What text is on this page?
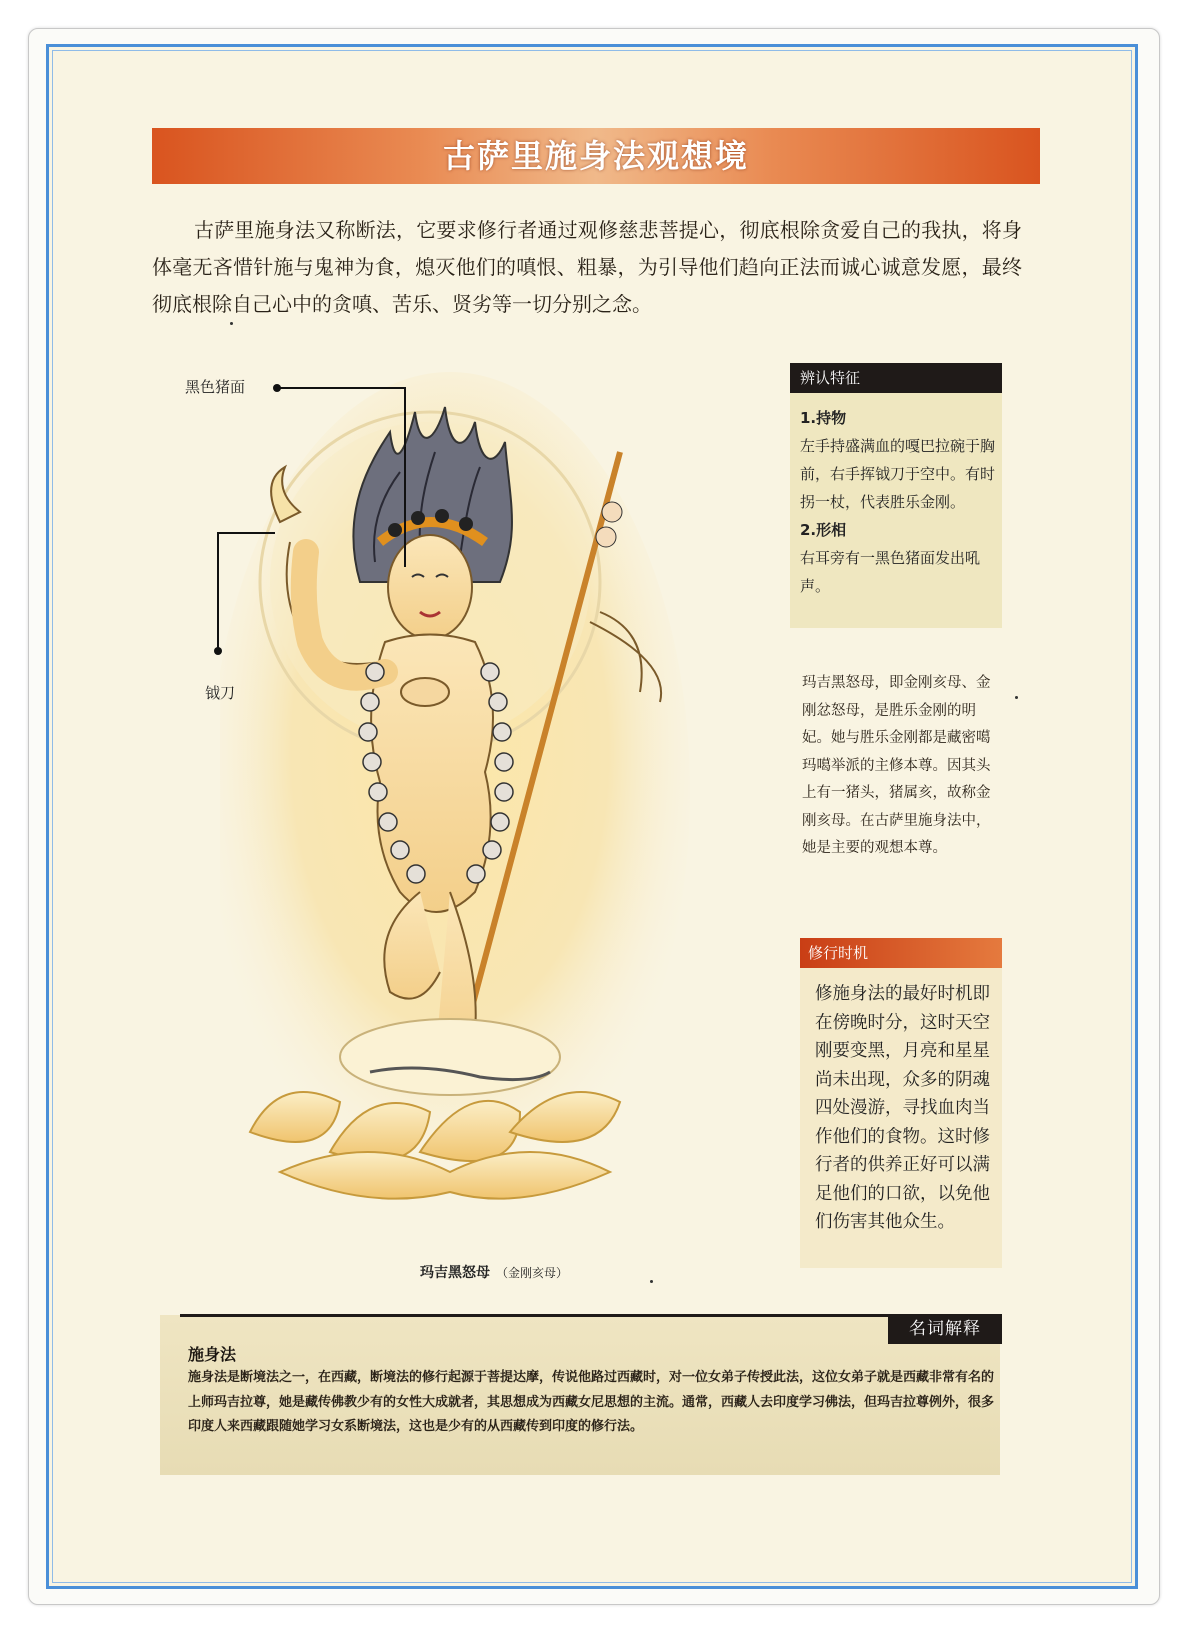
古萨里施身法观想境

古萨里施身法又称断法，它要求修行者通过观修慈悲菩提心，彻底根除贪爱自己的我执，将身体毫无吝惜针施与鬼神为食，熄灭他们的嗔恨、粗暴，为引导他们趋向正法而诚心诚意发愿，最终彻底根除自己心中的贪嗔、苦乐、贤劣等一切分别之念。

黑色猪面
钺刀
玛吉黑怒母 （金刚亥母）
辨认特征
1.持物
左手持盛满血的嘎巴拉碗于胸前，右手挥钺刀于空中。有时拐一杖，代表胜乐金刚。
2.形相
右耳旁有一黑色猪面发出吼声。

玛吉黑怒母，即金刚亥母、金刚忿怒母，是胜乐金刚的明妃。她与胜乐金刚都是藏密噶玛噶举派的主修本尊。因其头上有一猪头，猪属亥，故称金刚亥母。在古萨里施身法中，她是主要的观想本尊。

修行时机

修施身法的最好时机即在傍晚时分，这时天空刚要变黑，月亮和星星尚未出现，众多的阴魂四处漫游，寻找血肉当作他们的食物。这时修行者的供养正好可以满足他们的口欲，以免他们伤害其他众生。

名词解释
施身法

施身法是断境法之一，在西藏，断境法的修行起源于菩提达摩，传说他路过西藏时，对一位女弟子传授此法，这位女弟子就是西藏非常有名的上师玛吉拉尊，她是藏传佛教少有的女性大成就者，其思想成为西藏女尼思想的主流。通常，西藏人去印度学习佛法，但玛吉拉尊例外，很多印度人来西藏跟随她学习女系断境法，这也是少有的从西藏传到印度的修行法。
